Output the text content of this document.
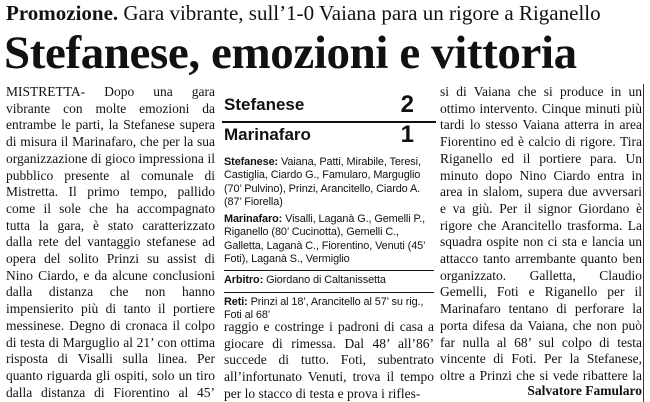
Promozione. Gara vibrante, sull’1-0 Vaiana para un rigore a Riganello
Stefanese, emozioni e vittoria
MISTRETTA- Dopo una gara vibrante con molte emozioni da entrambe le parti, la Stefanese supera di misura il Marinafaro, che per la sua organizzazione di gioco impressiona il pubblico presente al comunale di Mistretta. Il primo tempo, pallido come il sole che ha accompagnato tutta la gara, è stato caratterizzato dalla rete del vantaggio stefanese ad opera del solito Prinzi su assist di Nino Ciardo, e da alcune conclusioni dalla distanza che non hanno impensierito più di tanto il portiere messinese. Degno di cronaca il colpo di testa di Marguglio al 21’ con ottima risposta di Visalli sulla linea. Per quanto riguarda gli ospiti, solo un tiro dalla distanza di Fiorentino al 45’
Stefanese	2
Marinafaro	1

Stefanese: Vaiana, Patti, Mirabile, Teresi, Castiglia, Ciardo G., Famularo, Marguglio (70’ Pulvino), Prinzi, Arancitello, Ciardo A. (87’ Fiorella)

Marinafaro: Visalli, Laganà G., Gemelli P., Riganello (80’ Cucinotta), Gemelli C., Galletta, Laganà C., Fiorentino, Venuti (45’ Foti), Laganà S., Vermiglio

Arbitro: Giordano di Caltanissetta

Reti: Prinzi al 18’, Arancitello al 57’ su rig., Foti al 68’

raggio e costringe i padroni di casa a giocare di rimessa. Dal 48’ all’86’ succede di tutto. Foti, subentrato all’infortunato Venuti, trova il tempo per lo stacco di testa e prova i rifles-
si di Vaiana che si produce in un ottimo intervento. Cinque minuti più tardi lo stesso Vaiana atterra in area Fiorentino ed è calcio di rigore. Tira Riganello ed il portiere para. Un minuto dopo Nino Ciardo entra in area in slalom, supera due avversari e va giù. Per il signor Giordano è rigore che Arancitello trasforma. La squadra ospite non ci sta e lancia un attacco tanto arrembante quanto ben organizzato. Galletta, Claudio Gemelli, Foti e Riganello per il Marinafaro tentano di perforare la porta difesa da Vaiana, che non può far nulla al 68’ sul colpo di testa vincente di Foti. Per la Stefanese, oltre a Prinzi che si vede ribattere la
Salvatore Famularo
